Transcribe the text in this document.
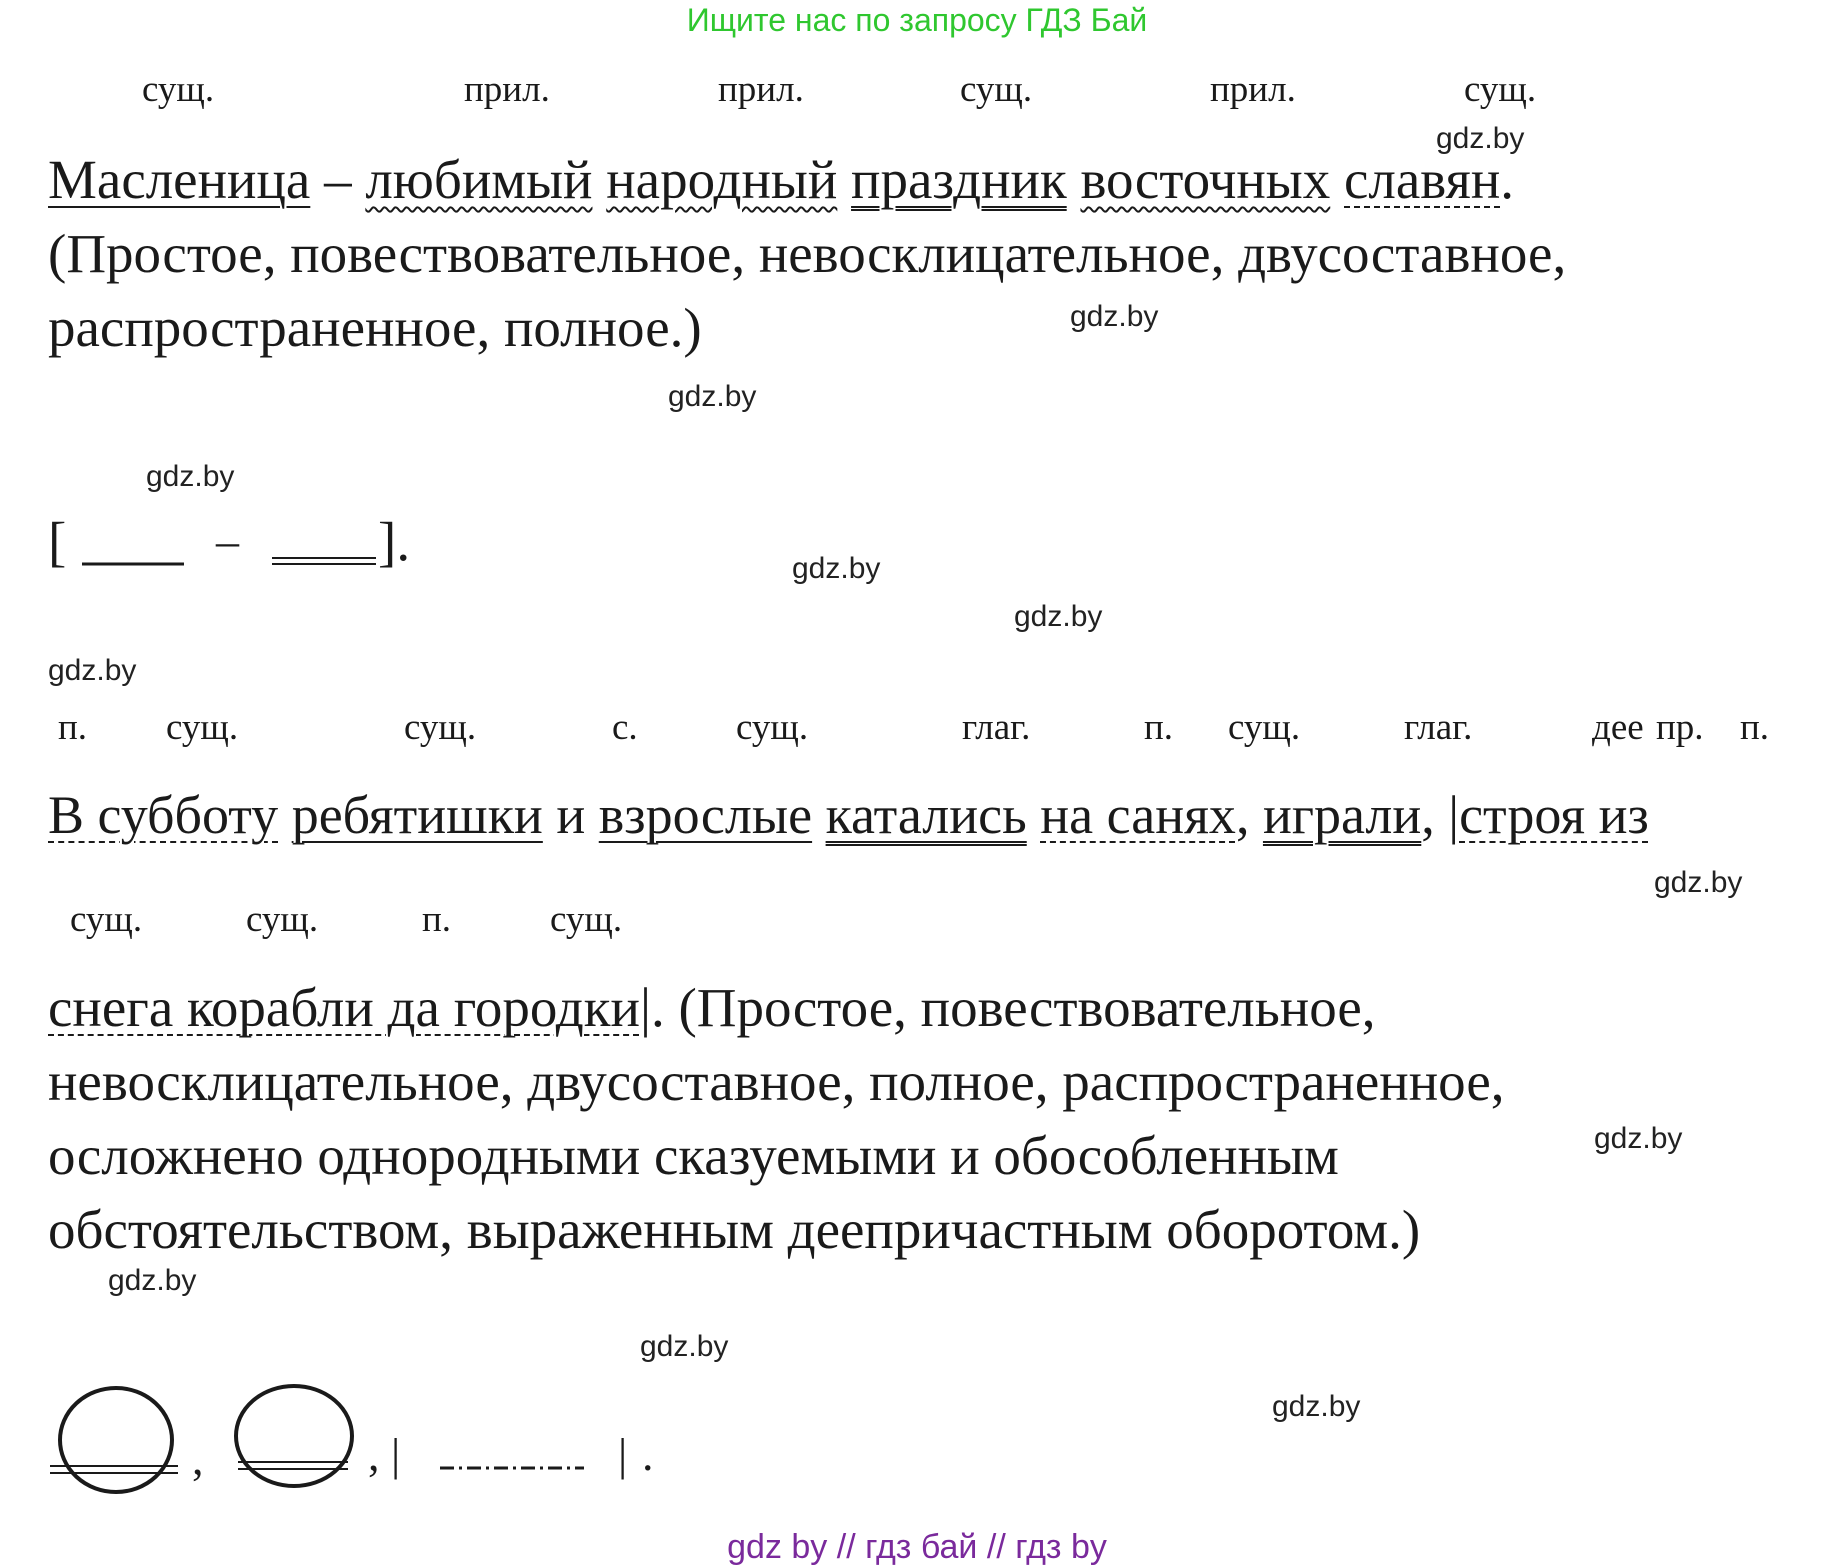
Ищите нас по запросу ГДЗ Бай
gdz.by
gdz.by
gdz.by
gdz.by
gdz.by
gdz.by
gdz.by
gdz.by
gdz.by
gdz.by
gdz.by
gdz.by
сущ.	прил.	прил.	сущ.	прил.	сущ.
Масленица – любимый народный праздник восточных славян.
(Простое, повествовательное, невосклицательное, двусоставное,
распространенное, полное.)
[	–	].
п. сущ.	сущ.	с.	сущ.	глаг.	п. сущ.	глаг.	дее пр. п.
В субботу ребятишки и взрослые катались на санях, играли, |строя из
сущ.	сущ.	п.	сущ.
снега корабли да городки|. (Простое, повествовательное,
невосклицательное, двусоставное, полное, распространенное,
осложнено однородными сказуемыми и обособленным
обстоятельством, выраженным деепричастным оборотом.)
,	, |	| .
gdz by // гдз бай // гдз by
